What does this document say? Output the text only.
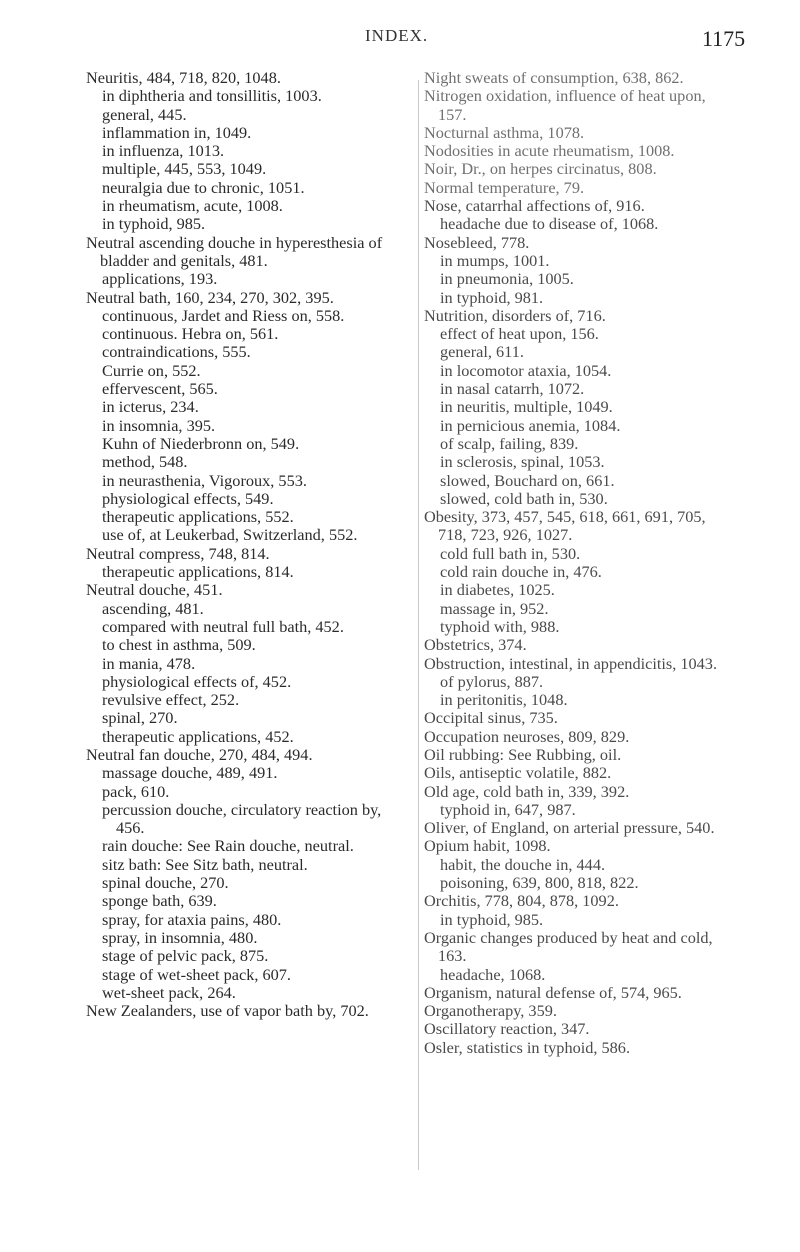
INDEX.	1175
Neuritis, 484, 718, 820, 1048.
in diphtheria and tonsillitis, 1003.
general, 445.
inflammation in, 1049.
in influenza, 1013.
multiple, 445, 553, 1049.
neuralgia due to chronic, 1051.
in rheumatism, acute, 1008.
in typhoid, 985.
Neutral ascending douche in hyperesthesia of bladder and genitals, 481.
applications, 193.
Neutral bath, 160, 234, 270, 302, 395.
continuous, Jardet and Riess on, 558.
continuous. Hebra on, 561.
contraindications, 555.
Currie on, 552.
effervescent, 565.
in icterus, 234.
in insomnia, 395.
Kuhn of Niederbronn on, 549.
method, 548.
in neurasthenia, Vigoroux, 553.
physiological effects, 549.
therapeutic applications, 552.
use of, at Leukerbad, Switzerland, 552.
Neutral compress, 748, 814.
therapeutic applications, 814.
Neutral douche, 451.
ascending, 481.
compared with neutral full bath, 452.
to chest in asthma, 509.
in mania, 478.
physiological effects of, 452.
revulsive effect, 252.
spinal, 270.
therapeutic applications, 452.
Neutral fan douche, 270, 484, 494.
massage douche, 489, 491.
pack, 610.
percussion douche, circulatory reaction by, 456.
rain douche: See Rain douche, neutral.
sitz bath: See Sitz bath, neutral.
spinal douche, 270.
sponge bath, 639.
spray, for ataxia pains, 480.
spray, in insomnia, 480.
stage of pelvic pack, 875.
stage of wet-sheet pack, 607.
wet-sheet pack, 264.
New Zealanders, use of vapor bath by, 702.
Night sweats of consumption, 638, 862.
Nitrogen oxidation, influence of heat upon, 157.
Nocturnal asthma, 1078.
Nodosities in acute rheumatism, 1008.
Noir, Dr., on herpes circinatus, 808.
Normal temperature, 79.
Nose, catarrhal affections of, 916.
headache due to disease of, 1068.
Nosebleed, 778.
in mumps, 1001.
in pneumonia, 1005.
in typhoid, 981.
Nutrition, disorders of, 716.
effect of heat upon, 156.
general, 611.
in locomotor ataxia, 1054.
in nasal catarrh, 1072.
in neuritis, multiple, 1049.
in pernicious anemia, 1084.
of scalp, failing, 839.
in sclerosis, spinal, 1053.
slowed, Bouchard on, 661.
slowed, cold bath in, 530.
Obesity, 373, 457, 545, 618, 661, 691, 705, 718, 723, 926, 1027.
cold full bath in, 530.
cold rain douche in, 476.
in diabetes, 1025.
massage in, 952.
typhoid with, 988.
Obstetrics, 374.
Obstruction, intestinal, in appendicitis, 1043.
of pylorus, 887.
in peritonitis, 1048.
Occipital sinus, 735.
Occupation neuroses, 809, 829.
Oil rubbing: See Rubbing, oil.
Oils, antiseptic volatile, 882.
Old age, cold bath in, 339, 392.
typhoid in, 647, 987.
Oliver, of England, on arterial pressure, 540.
Opium habit, 1098.
habit, the douche in, 444.
poisoning, 639, 800, 818, 822.
Orchitis, 778, 804, 878, 1092.
in typhoid, 985.
Organic changes produced by heat and cold, 163.
headache, 1068.
Organism, natural defense of, 574, 965.
Organotherapy, 359.
Oscillatory reaction, 347.
Osler, statistics in typhoid, 586.
